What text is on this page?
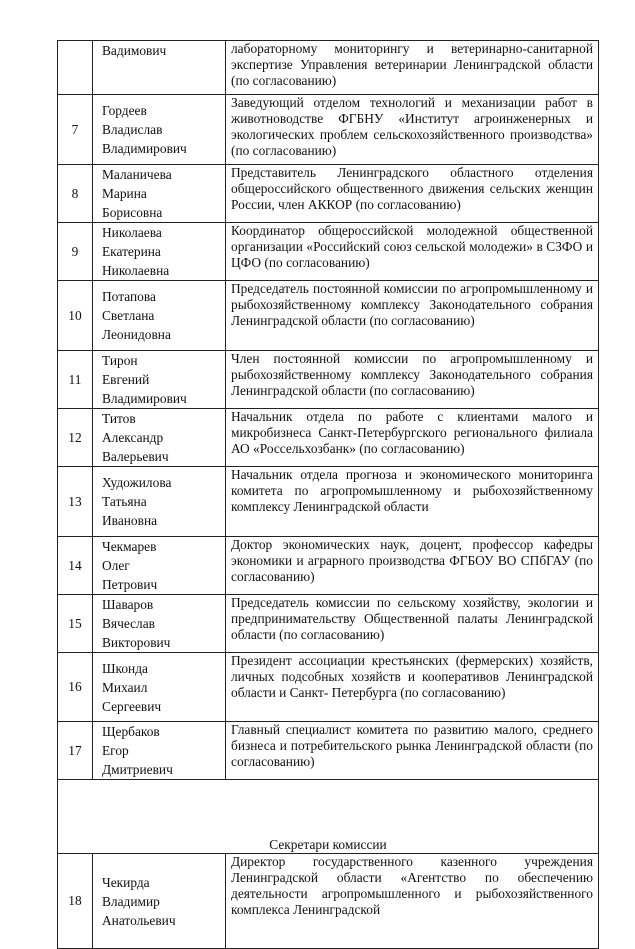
	Вадимович	лабораторному мониторингу и ветеринарно-санитарной экспертизе Управления ветеринарии Ленинградской области (по согласованию)
7	Гордеев
Владислав
Владимирович	Заведующий отделом технологий и механизации работ в животноводстве ФГБНУ «Институт агроинженерных и экологических проблем сельскохозяйственного производства» (по согласованию)
8	Маланичева
Марина
Борисовна	Представитель Ленинградского областного отделения общероссийского общественного движения сельских женщин России, член АККОР (по согласованию)
9	Николаева
Екатерина
Николаевна	Координатор общероссийской молодежной общественной организации «Российский союз сельской молодежи» в СЗФО и ЦФО (по согласованию)
10	Потапова
Светлана
Леонидовна	Председатель постоянной комиссии по агропромышленному и рыбохозяйственному комплексу Законодательного собрания Ленинградской области (по согласованию)
11	Тирон
Евгений
Владимирович	Член постоянной комиссии по агропромышленному и рыбохозяйственному комплексу Законодательного собрания Ленинградской области (по согласованию)
12	Титов
Александр
Валерьевич	Начальник отдела по работе с клиентами малого и микробизнеса Санкт-Петербургского регионального филиала АО «Россельхозбанк» (по согласованию)
13	Художилова
Татьяна
Ивановна	Начальник отдела прогноза и экономического мониторинга комитета по агропромышленному и рыбохозяйственному комплексу Ленинградской области
14	Чекмарев
Олег
Петрович	Доктор экономических наук, доцент, профессор кафедры экономики и аграрного производства ФГБОУ ВО СПбГАУ (по согласованию)
15	Шаваров
Вячеслав
Викторович	Председатель комиссии по сельскому хозяйству, экологии и предпринимательству Общественной палаты Ленинградской области (по согласованию)
16	Шконда
Михаил
Сергеевич	Президент ассоциации крестьянских (фермерских) хозяйств, личных подсобных хозяйств и кооперативов Ленинградской области и Санкт- Петербурга (по согласованию)
17	Щербаков
Егор
Дмитриевич	Главный специалист комитета по развитию малого, среднего бизнеса и потребительского рынка Ленинградской области (по согласованию)

Секретари комиссии		
18	Чекирда
Владимир
Анатольевич	Директор государственного казенного учреждения Ленинградской области «Агентство по обеспечению деятельности агропромышленного и рыбохозяйственного комплекса Ленинградской
